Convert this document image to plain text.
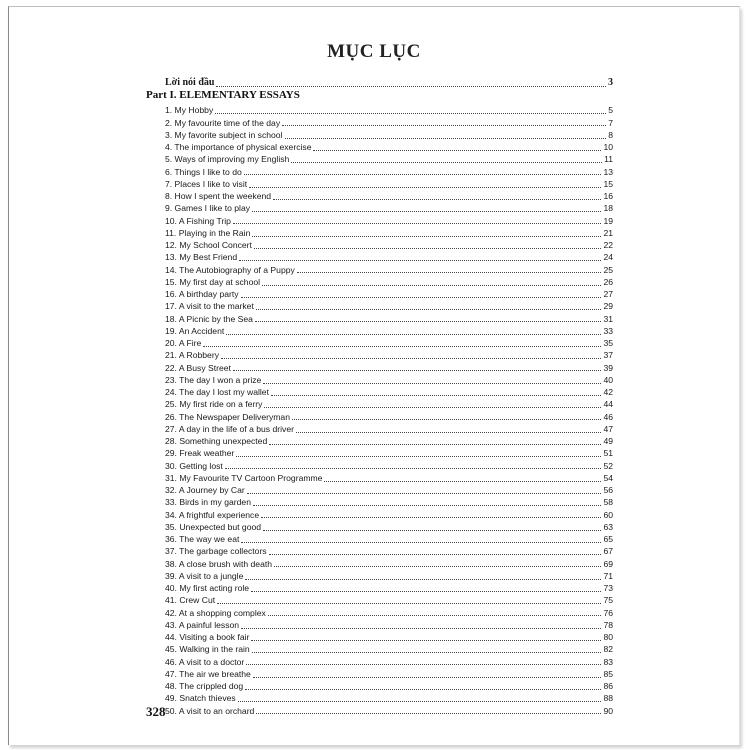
MỤC LỤC
Lời nói đầu	3
Part I. ELEMENTARY ESSAYS
1. My Hobby	5
2. My favourite time of the day	7
3. My favorite subject in school	8
4. The importance of physical exercise	10
5. Ways of improving my English	11
6. Things I like to do	13
7. Places I like to visit	15
8. How I spent the weekend	16
9. Games I like to play	18
10. A Fishing Trip	19
11. Playing in the Rain	21
12. My School Concert	22
13. My Best Friend	24
14. The Autobiography of a Puppy	25
15. My first day at school	26
16. A birthday party	27
17. A visit to the market	29
18. A Picnic by the Sea	31
19. An Accident	33
20. A Fire	35
21. A Robbery	37
22. A Busy Street	39
23. The day I won a prize	40
24. The day I lost my wallet	42
25. My first ride on a ferry	44
26. The Newspaper Deliveryman	46
27. A day in the life of a bus driver	47
28. Something unexpected	49
29. Freak weather	51
30. Getting lost	52
31. My Favourite TV Cartoon Programme	54
32. A Journey by Car	56
33. Birds in my garden	58
34. A frightful experience	60
35. Unexpected but good	63
36. The way we eat	65
37. The garbage collectors	67
38. A close brush with death	69
39. A visit to a jungle	71
40. My first acting role	73
41. Crew Cut	75
42. At a shopping complex	76
43. A painful lesson	78
44. Visiting a book fair	80
45. Walking in the rain	82
46. A visit to a doctor	83
47. The air we breathe	85
48. The crippled dog	86
49. Snatch thieves	88
50. A visit to an orchard	90
328
